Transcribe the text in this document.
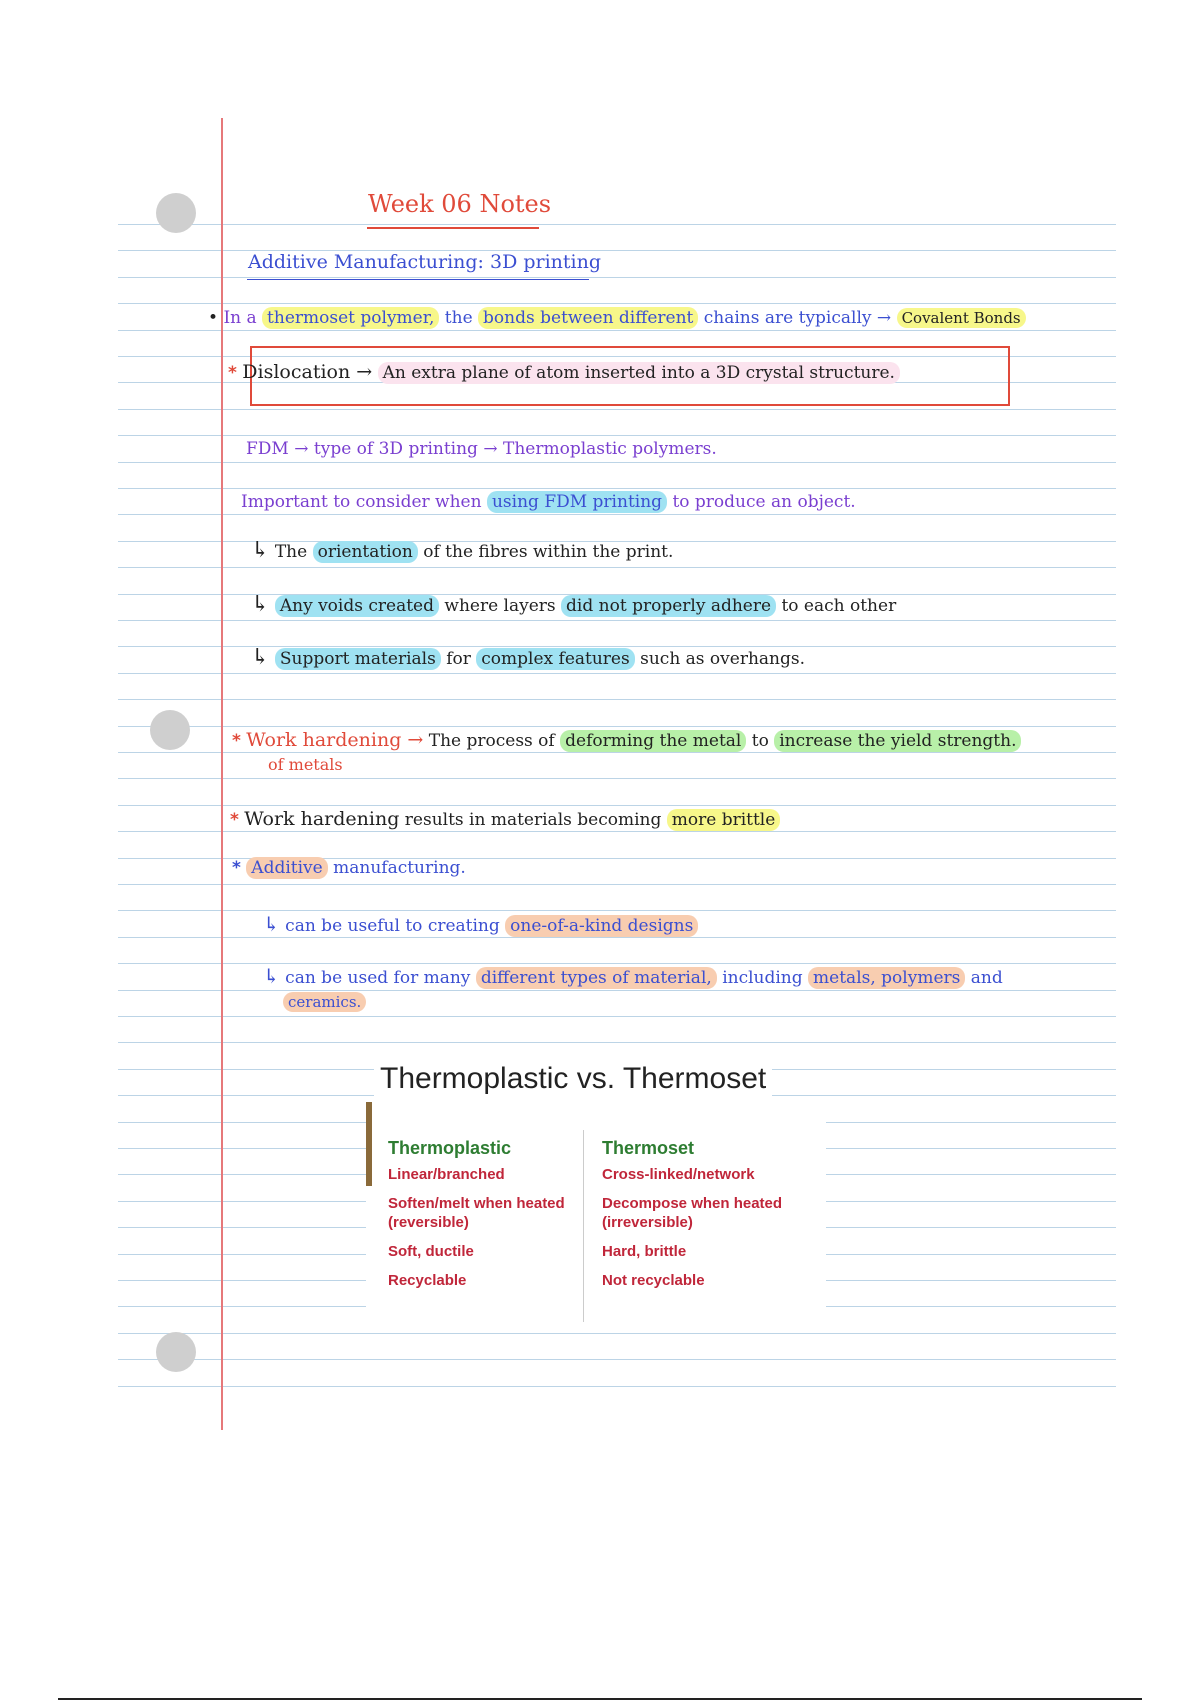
Week 06 Notes
Additive Manufacturing: 3D printing
• In a thermoset polymer, the bonds between different chains are typically → Covalent Bonds
* Dislocation → An extra plane of atom inserted into a 3D crystal structure.
FDM → type of 3D printing → Thermoplastic polymers.
Important to consider when using FDM printing to produce an object.
↳ The orientation of the fibres within the print.
↳ Any voids created where layers did not properly adhere to each other
↳ Support materials for complex features such as overhangs.
* Work hardening → The process of deforming the metal to increase the yield strength.
of metals
* Work hardening results in materials becoming more brittle
* Additive manufacturing.
↳ can be useful to creating one-of-a-kind designs
↳ can be used for many different types of material, including metals, polymers and
ceramics.
Thermoplastic vs. Thermoset
Thermoplastic
Linear/branched
Soften/melt when heated (reversible)
Soft, ductile
Recyclable
Thermoset
Cross-linked/network
Decompose when heated (irreversible)
Hard, brittle
Not recyclable
